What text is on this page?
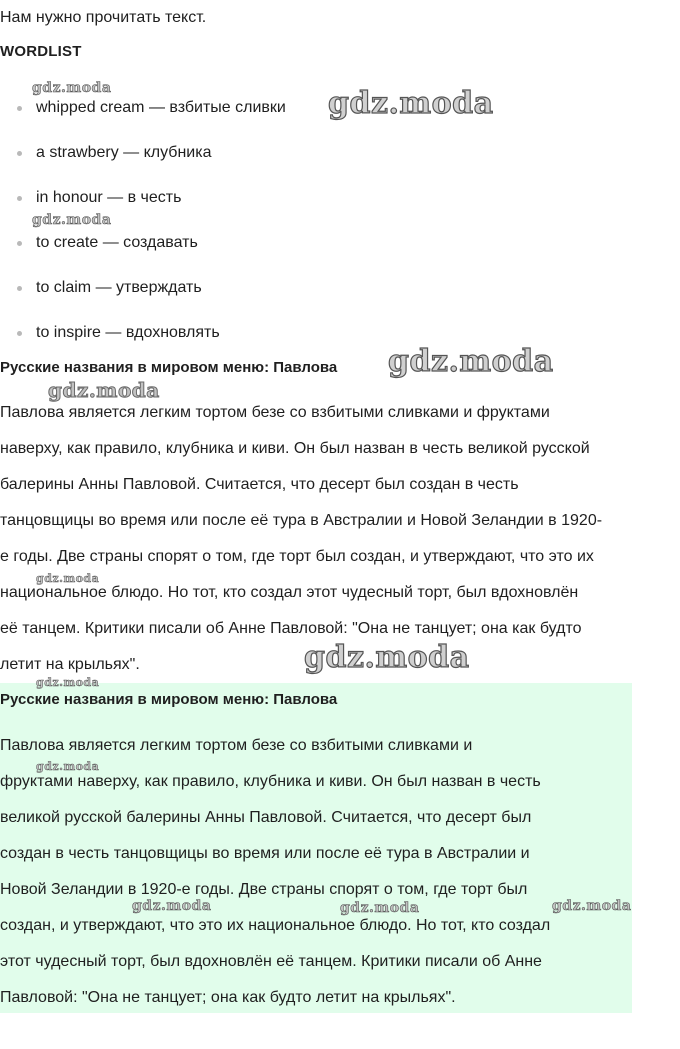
Нам нужно прочитать текст.
WORDLIST
whipped cream — взбитые сливки
a strawbery — клубника
in honour — в честь
to create — создавать
to claim — утверждать
to inspire — вдохновлять
Русские названия в мировом меню: Павлова
Павлова является легким тортом безе со взбитыми сливками и фруктами
наверху, как правило, клубника и киви. Он был назван в честь великой русской
балерины Анны Павловой. Считается, что десерт был создан в честь
танцовщицы во время или после её тура в Австралии и Новой Зеландии в 1920-
е годы. Две страны спорят о том, где торт был создан, и утверждают, что это их
национальное блюдо. Но тот, кто создал этот чудесный торт, был вдохновлён
её танцем. Критики писали об Анне Павловой: "Она не танцует; она как будто
летит на крыльях".
Русские названия в мировом меню: Павлова
Павлова является легким тортом безе со взбитыми сливками и
фруктами наверху, как правило, клубника и киви. Он был назван в честь
великой русской балерины Анны Павловой. Считается, что десерт был
создан в честь танцовщицы во время или после её тура в Австралии и
Новой Зеландии в 1920-е годы. Две страны спорят о том, где торт был
создан, и утверждают, что это их национальное блюдо. Но тот, кто создал
этот чудесный торт, был вдохновлён её танцем. Критики писали об Анне
Павловой: "Она не танцует; она как будто летит на крыльях".
gdz.moda	gdz.moda
gdz.moda
gdz.moda
gdz.moda
gdz.moda
gdz.moda
gdz.moda
gdz.moda
gdz.moda	gdz.moda	gdz.moda
